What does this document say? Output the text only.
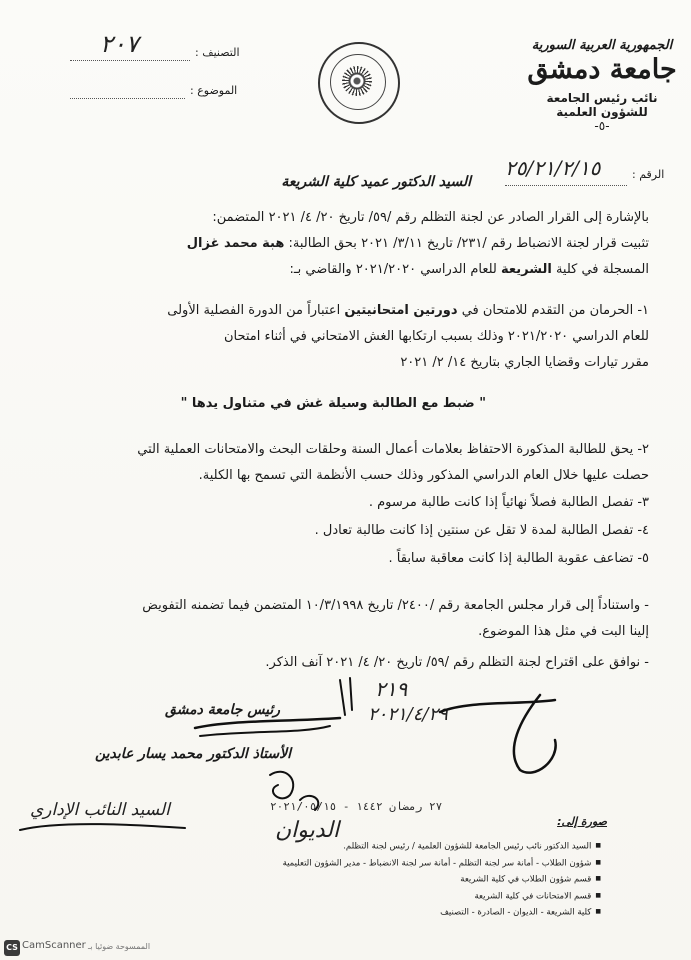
الجمهورية العربية السورية
جامعة دمشق
نائب رئيس الجامعة
للشؤون العلمية
-٥-
التصنيف :
٢٠٧
الموضوع :
الرقم :
٢٥/٢١/٢/١٥
السيد الدكتور عميد كلية الشريعة
بالإشارة إلى القرار الصادر عن لجنة التظلم رقم /٥٩/ تاريخ ٢٠/ ٤/ ٢٠٢١ المتضمن:
تثبيت قرار لجنة الانضباط رقم /٢٣١/ تاريخ ٣/١١/ ٢٠٢١ بحق الطالبة: هبة محمد غزال
المسجلة في كلية الشريعة للعام الدراسي ٢٠٢١/٢٠٢٠ والقاضي بـ:
١- الحرمان من التقدم للامتحان في دورتين امتحانيتين اعتباراً من الدورة الفصلية الأولى
للعام الدراسي ٢٠٢١/٢٠٢٠ وذلك بسبب ارتكابها الغش الامتحاني في أثناء امتحان
مقرر تيارات وقضايا الجاري بتاريخ ١٤/ ٢/ ٢٠٢١
" ضبط مع الطالبة وسيلة غش في متناول يدها "
٢- يحق للطالبة المذكورة الاحتفاظ بعلامات أعمال السنة وحلقات البحث والامتحانات العملية التي
حصلت عليها خلال العام الدراسي المذكور وذلك حسب الأنظمة التي تسمح بها الكلية.
٣- تفصل الطالبة فصلاً نهائياً إذا كانت طالبة مرسوم .
٤- تفصل الطالبة لمدة لا تقل عن سنتين إذا كانت طالبة تعادل .
٥- تضاعف عقوبة الطالبة إذا كانت معاقبة سابقاً .
- واستناداً إلى قرار مجلس الجامعة رقم /٢٤٠٠/ تاريخ ١٠/٣/١٩٩٨ المتضمن فيما تضمنه التفويض
إلينا البت في مثل هذا الموضوع.
- نوافق على اقتراح لجنة التظلم رقم /٥٩/ تاريخ ٢٠/ ٤/ ٢٠٢١ آنف الذكر.
٢١٩
٢٠٢١/٤/٢٩
رئيس جامعة دمشق
الأستاذ الدكتور محمد يسار عابدين
٢٧ رمضان ١٤٤٢ - ٢٠٢١/٠٥/١٥
الديوان
السيد النائب الإداري
صورة إلى:
■ السيد الدكتور نائب رئيس الجامعة للشؤون العلمية / رئيس لجنة التظلم.
■ شؤون الطلاب - أمانة سر لجنة التظلم - أمانة سر لجنة الانضباط - مدير الشؤون التعليمية
■ قسم شؤون الطلاب في كلية الشريعة
■ قسم الامتحانات في كلية الشريعة
■ كلية الشريعة - الديوان - الصادرة - التصنيف
CS CamScanner الممسوحة ضوئيا بـ
